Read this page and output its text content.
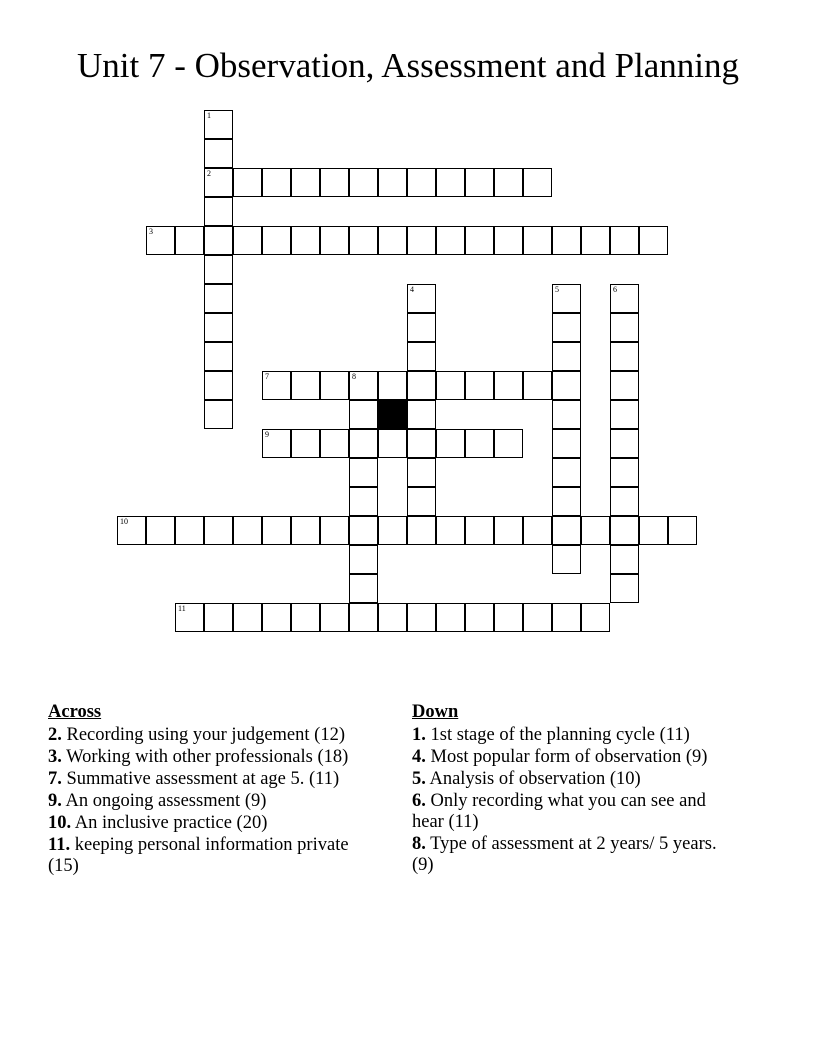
Unit 7 - Observation, Assessment and Planning
1
2
3
4	5	6
7	8
9
10
11
Across
2. Recording using your judgement (12)
3. Working with other professionals (18)
7. Summative assessment at age 5. (11)
9. An ongoing assessment (9)
10. An inclusive practice (20)
11. keeping personal information private (15)
Down
1. 1st stage of the planning cycle (11)
4. Most popular form of observation (9)
5. Analysis of observation (10)
6. Only recording what you can see and hear (11)
8. Type of assessment at 2 years/ 5 years. (9)
